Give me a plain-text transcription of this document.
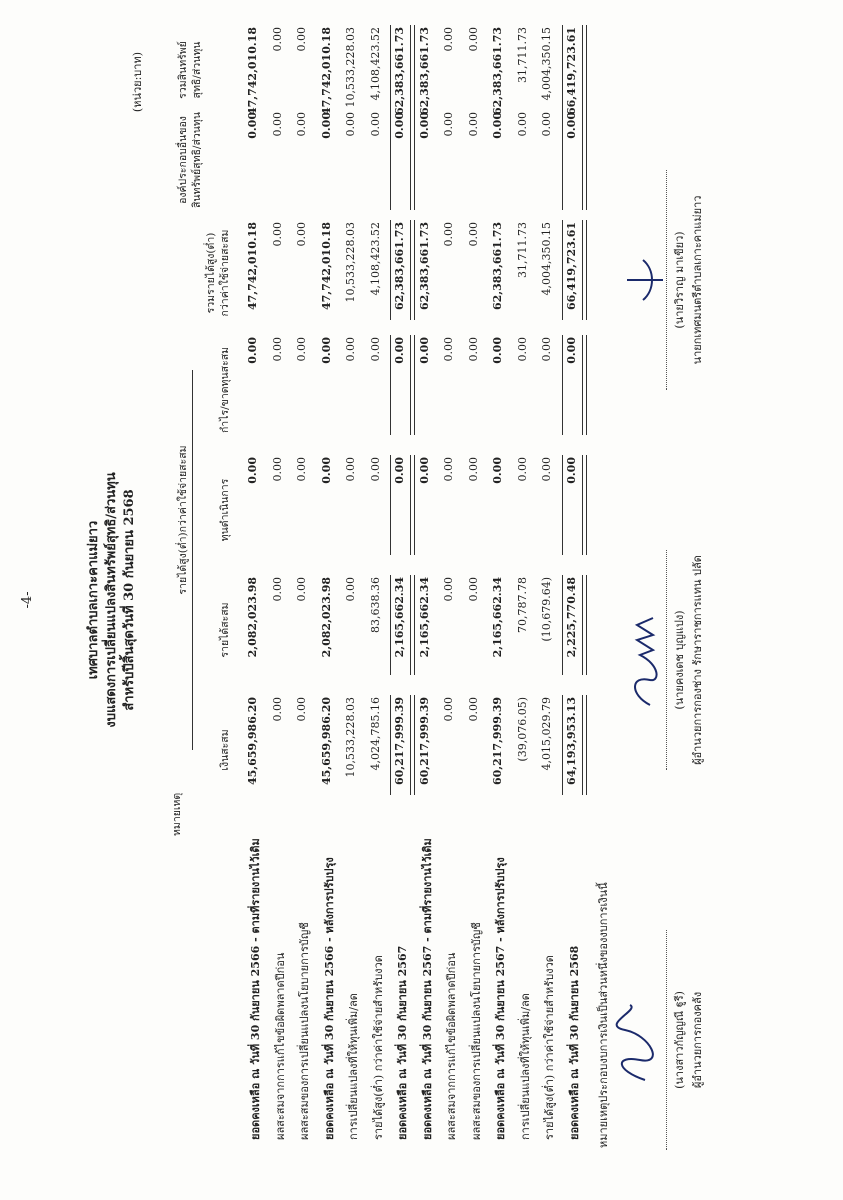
-4-	เทศบาลตำบลเกาะคาแม่ยาว งบแสดงการเปลี่ยนแปลงสินทรัพย์สุทธิ/ส่วนทุน สำหรับปีสิ้นสุดวันที่ 30 กันยายน 2568
(หน่วย:บาท)
หมายเหตุ
รายได้สูง(ต่ำ)กว่าค่าใช้จ่ายสะสม
เงินสะสม
รายได้สะสม
ทุนดำเนินการ
กำไร/ขาดทุนสะสม
รวมรายได้สูง(ต่ำ) กว่าค่าใช้จ่ายสะสม
องค์ประกอบอื่นของ สินทรัพย์สุทธิ/ส่วนทุน
รวมสินทรัพย์ สุทธิ/ส่วนทุน
ยอดคงเหลือ ณ วันที่ 30 กันยายน 2566 - ตามที่รายงานไว้เดิม
45,659,986.20
2,082,023.98
0.00
0.00
47,742,010.18
0.00
47,742,010.18
ผลสะสมจากการแก้ไขข้อผิดพลาดปีก่อน
0.00
0.00
0.00
0.00
0.00
0.00
0.00
ผลสะสมของการเปลี่ยนแปลงนโยบายการบัญชี
0.00
0.00
0.00
0.00
0.00
0.00
0.00
ยอดคงเหลือ ณ วันที่ 30 กันยายน 2566 - หลังการปรับปรุง
45,659,986.20
2,082,023.98
0.00
0.00
47,742,010.18
0.00
47,742,010.18
การเปลี่ยนแปลงที่ให้ทุนเพิ่ม/ลด
10,533,228.03
0.00
0.00
0.00
10,533,228.03
0.00
10,533,228.03
รายได้สูง(ต่ำ) กว่าค่าใช้จ่ายสำหรับงวด
4,024,785.16
83,638.36
0.00
0.00
4,108,423.52
0.00
4,108,423.52
ยอดคงเหลือ ณ วันที่ 30 กันยายน 2567
60,217,999.39
2,165,662.34
0.00
0.00
62,383,661.73
0.00
62,383,661.73
ยอดคงเหลือ ณ วันที่ 30 กันยายน 2567 - ตามที่รายงานไว้เดิม
60,217,999.39
2,165,662.34
0.00
0.00
62,383,661.73
0.00
62,383,661.73
ผลสะสมจากการแก้ไขข้อผิดพลาดปีก่อน
0.00
0.00
0.00
0.00
0.00
0.00
0.00
ผลสะสมของการเปลี่ยนแปลงนโยบายการบัญชี
0.00
0.00
0.00
0.00
0.00
0.00
0.00
ยอดคงเหลือ ณ วันที่ 30 กันยายน 2567 - หลังการปรับปรุง
60,217,999.39
2,165,662.34
0.00
0.00
62,383,661.73
0.00
62,383,661.73
การเปลี่ยนแปลงที่ให้ทุนเพิ่ม/ลด
(39,076.05)
70,787.78
0.00
0.00
31,711.73
0.00
31,711.73
รายได้สูง(ต่ำ) กว่าค่าใช้จ่ายสำหรับงวด
4,015,029.79
(10,679.64)
0.00
0.00
4,004,350.15
0.00
4,004,350.15
ยอดคงเหลือ ณ วันที่ 30 กันยายน 2568
64,193,953.13
2,225,770.48
0.00
0.00
66,419,723.61
0.00
66,419,723.61
หมายเหตุประกอบงบการเงินเป็นส่วนหนึ่งของงบการเงินนี้	(นางสาวกัญญณี ฐูรี) ผู้อำนวยการกองคลัง
(นายคงเดช บุญแปง) ผู้อำนวยการกองช่าง รักษาราชการแทน ปลัด
(นายวิราญ มาเขียว) นายกเทศมนตรีตำบลเกาะคาแม่ยาว
